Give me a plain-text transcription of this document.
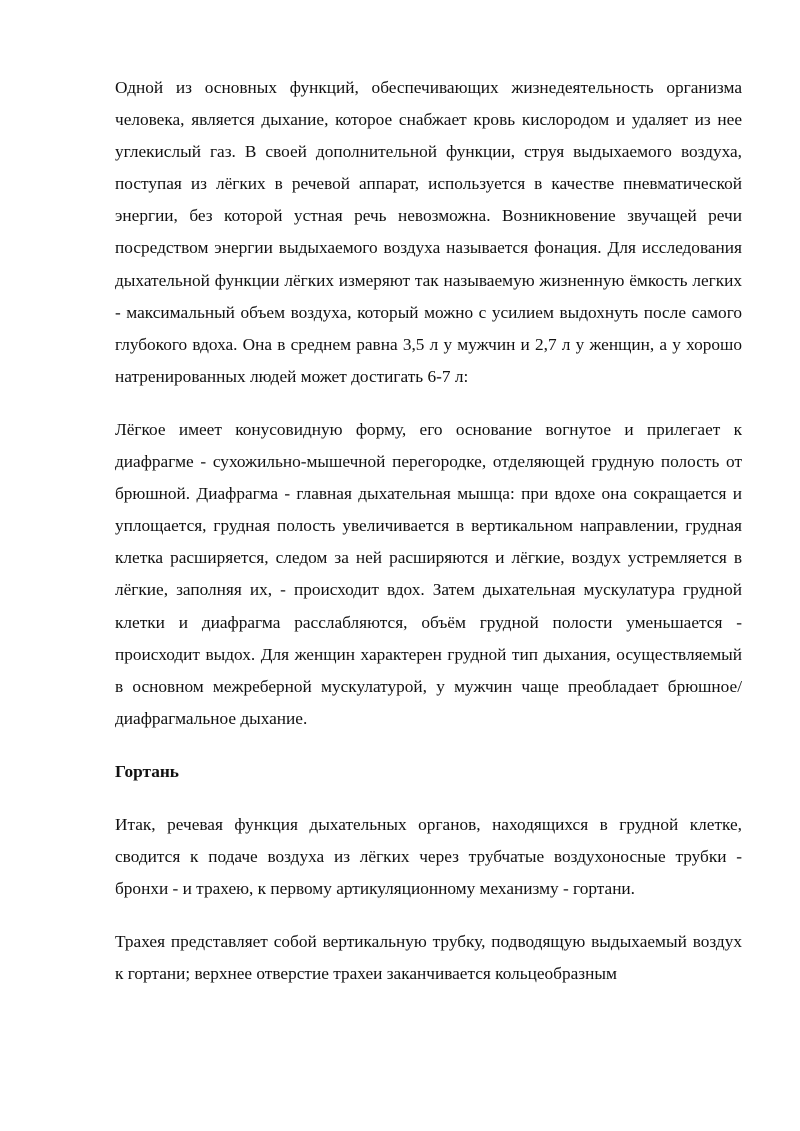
Одной из основных функций, обеспечивающих жизнедеятельность организма человека, является дыхание, которое снабжает кровь кислородом и удаляет из нее углекислый газ. В своей дополнительной функции, струя выдыхаемого воздуха, поступая из лёгких в речевой аппарат, используется в качестве пневматической энергии, без которой устная речь невозможна. Возникновение звучащей речи посредством энергии выдыхаемого воздуха называется фонация. Для исследования дыхательной функции лёгких измеряют так называемую жизненную ёмкость легких - максимальный объем воздуха, который можно с усилием выдохнуть после самого глубокого вдоха. Она в среднем равна 3,5 л у мужчин и 2,7 л у женщин, а у хорошо натренированных людей может достигать 6-7 л:

Лёгкое имеет конусовидную форму, его основание вогнутое и прилегает к диафрагме - сухожильно-мышечной перегородке, отделяющей грудную полость от брюшной. Диафрагма - главная дыхательная мышца: при вдохе она сокращается и уплощается, грудная полость увеличивается в вертикальном направлении, грудная клетка расширяется, следом за ней расширяются и лёгкие, воздух устремляется в лёгкие, заполняя их, - происходит вдох. Затем дыхательная мускулатура грудной клетки и диафрагма расслабляются, объём грудной полости уменьшается - происходит выдох. Для женщин характерен грудной тип дыхания, осуществляемый в основном межреберной мускулатурой, у мужчин чаще преобладает брюшное/диафрагмальное дыхание.

Гортань

Итак, речевая функция дыхательных органов, находящихся в грудной клетке, сводится к подаче воздуха из лёгких через трубчатые воздухоносные трубки - бронхи - и трахею, к первому артикуляционному механизму - гортани.

Трахея представляет собой вертикальную трубку, подводящую выдыхаемый воздух к гортани; верхнее отверстие трахеи заканчивается кольцеобразным
